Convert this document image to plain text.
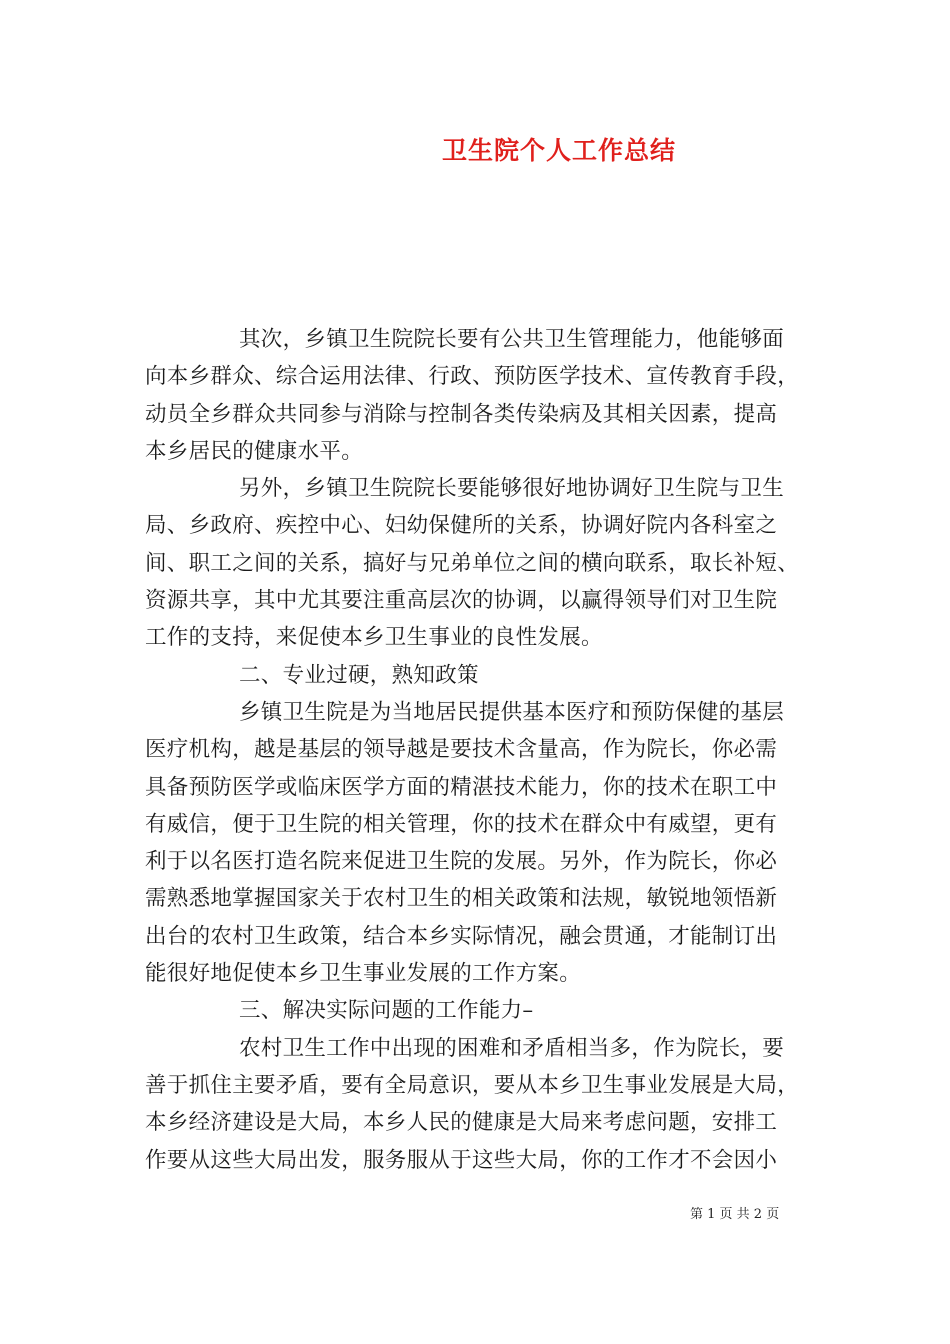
卫生院个人工作总结
其次，乡镇卫生院院长要有公共卫生管理能力，他能够面
向本乡群众、综合运用法律、行政、预防医学技术、宣传教育手段，
动员全乡群众共同参与消除与控制各类传染病及其相关因素，提高
本乡居民的健康水平。
另外，乡镇卫生院院长要能够很好地协调好卫生院与卫生
局、乡政府、疾控中心、妇幼保健所的关系，协调好院内各科室之
间、职工之间的关系，搞好与兄弟单位之间的横向联系，取长补短、
资源共享，其中尤其要注重高层次的协调，以赢得领导们对卫生院
工作的支持，来促使本乡卫生事业的良性发展。
二、专业过硬，熟知政策
乡镇卫生院是为当地居民提供基本医疗和预防保健的基层
医疗机构，越是基层的领导越是要技术含量高，作为院长，你必需
具备预防医学或临床医学方面的精湛技术能力，你的技术在职工中
有威信，便于卫生院的相关管理，你的技术在群众中有威望，更有
利于以名医打造名院来促进卫生院的发展。另外，作为院长，你必
需熟悉地掌握国家关于农村卫生的相关政策和法规，敏锐地领悟新
出台的农村卫生政策，结合本乡实际情况，融会贯通，才能制订出
能很好地促使本乡卫生事业发展的工作方案。
三、解决实际问题的工作能力–
农村卫生工作中出现的困难和矛盾相当多，作为院长，要
善于抓住主要矛盾，要有全局意识，要从本乡卫生事业发展是大局，
本乡经济建设是大局，本乡人民的健康是大局来考虑问题，安排工
作要从这些大局出发，服务服从于这些大局，你的工作才不会因小
第 1 页 共 2 页
